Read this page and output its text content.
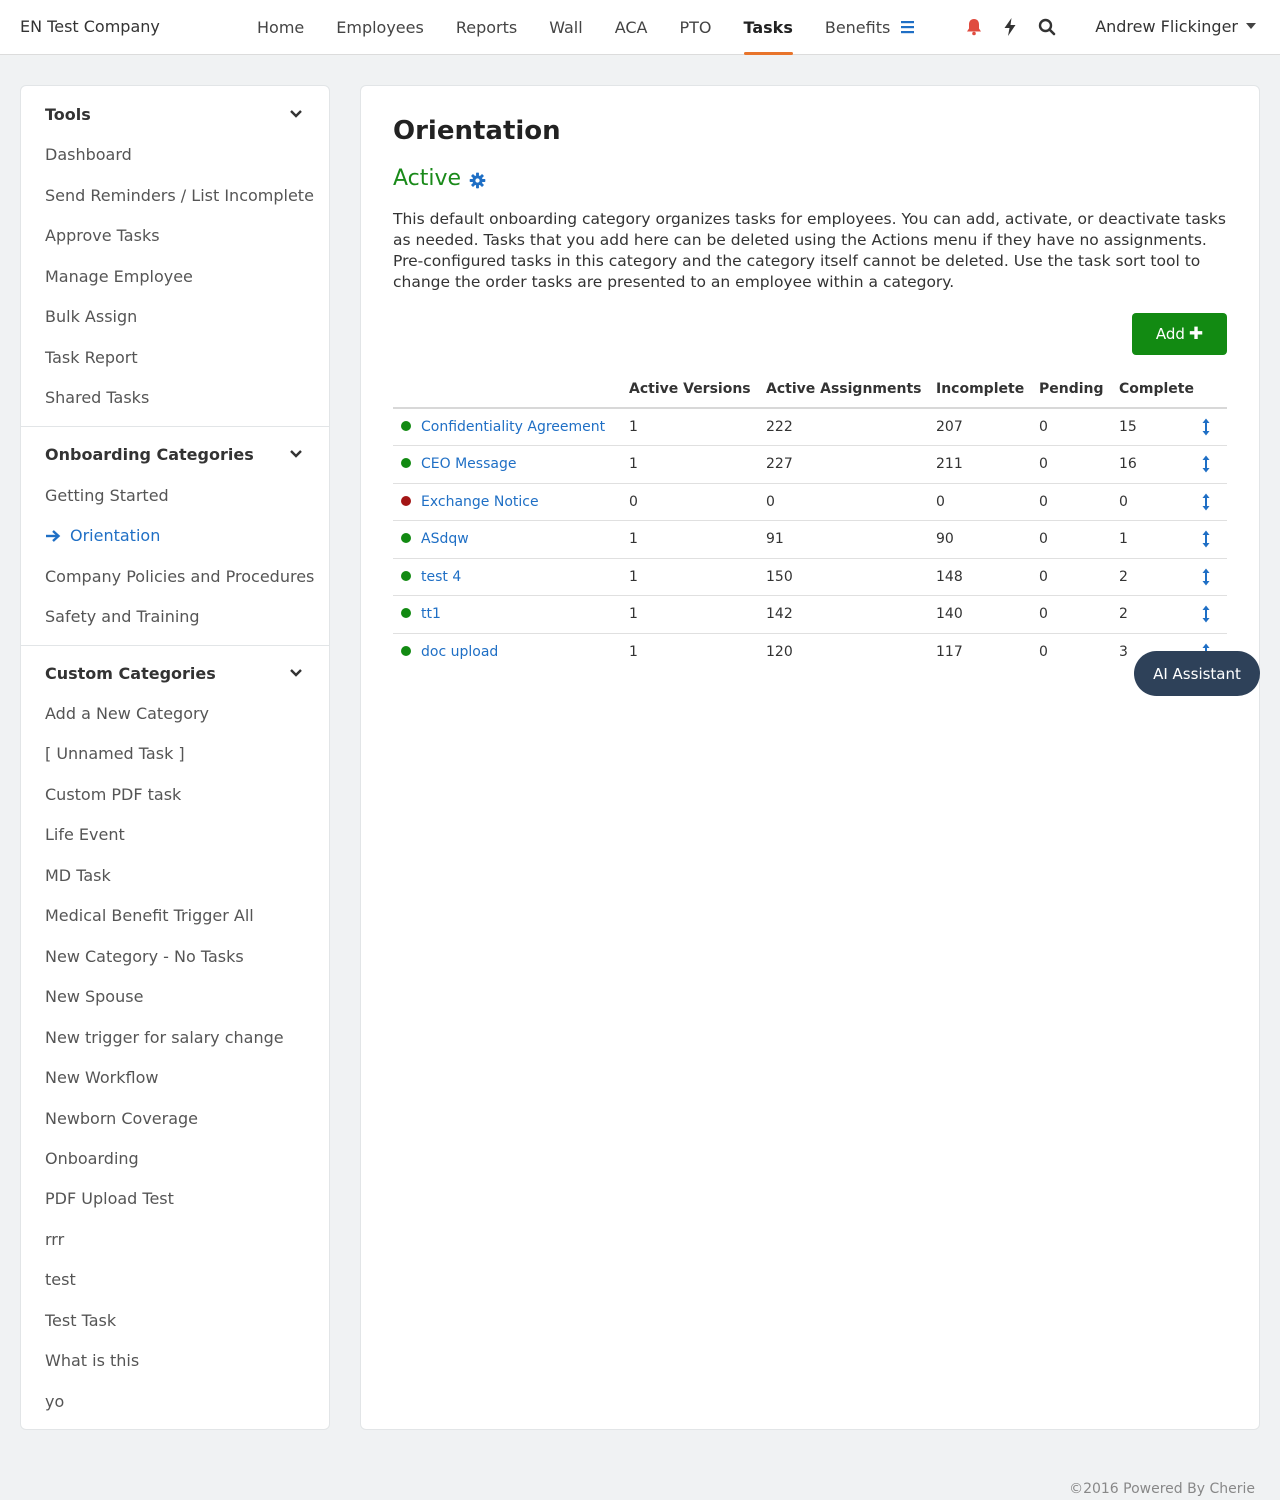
EN Test Company	Home	Employees	Reports	Wall	ACA	PTO	Tasks	Benefits	Andrew Flickinger
Tools
Dashboard
Send Reminders / List Incomplete
Approve Tasks
Manage Employee
Bulk Assign
Task Report
Shared Tasks
Onboarding Categories
Getting Started
Orientation
Company Policies and Procedures
Safety and Training
Custom Categories
Add a New Category
[ Unnamed Task ]
Custom PDF task
Life Event
MD Task
Medical Benefit Trigger All
New Category - No Tasks
New Spouse
New trigger for salary change
New Workflow
Newborn Coverage
Onboarding
PDF Upload Test
rrr
test
Test Task
What is this
yo
Orientation
Active

This default onboarding category organizes tasks for employees. You can add, activate, or deactivate tasks as needed. Tasks that you add here can be deleted using the Actions menu if they have no assignments. Pre-configured tasks in this category and the category itself cannot be deleted. Use the task sort tool to change the order tasks are presented to an employee within a category.

Add ✚
	Active Versions	Active Assignments	Incomplete	Pending	Complete	
Confidentiality Agreement	1	222	207	0	15	
CEO Message	1	227	211	0	16	
Exchange Notice	0	0	0	0	0	
ASdqw	1	91	90	0	1	
test 4	1	150	148	0	2	
tt1	1	142	140	0	2	
doc upload	1	120	117	0	3	
AI Assistant
©2016 Powered By Cherie
